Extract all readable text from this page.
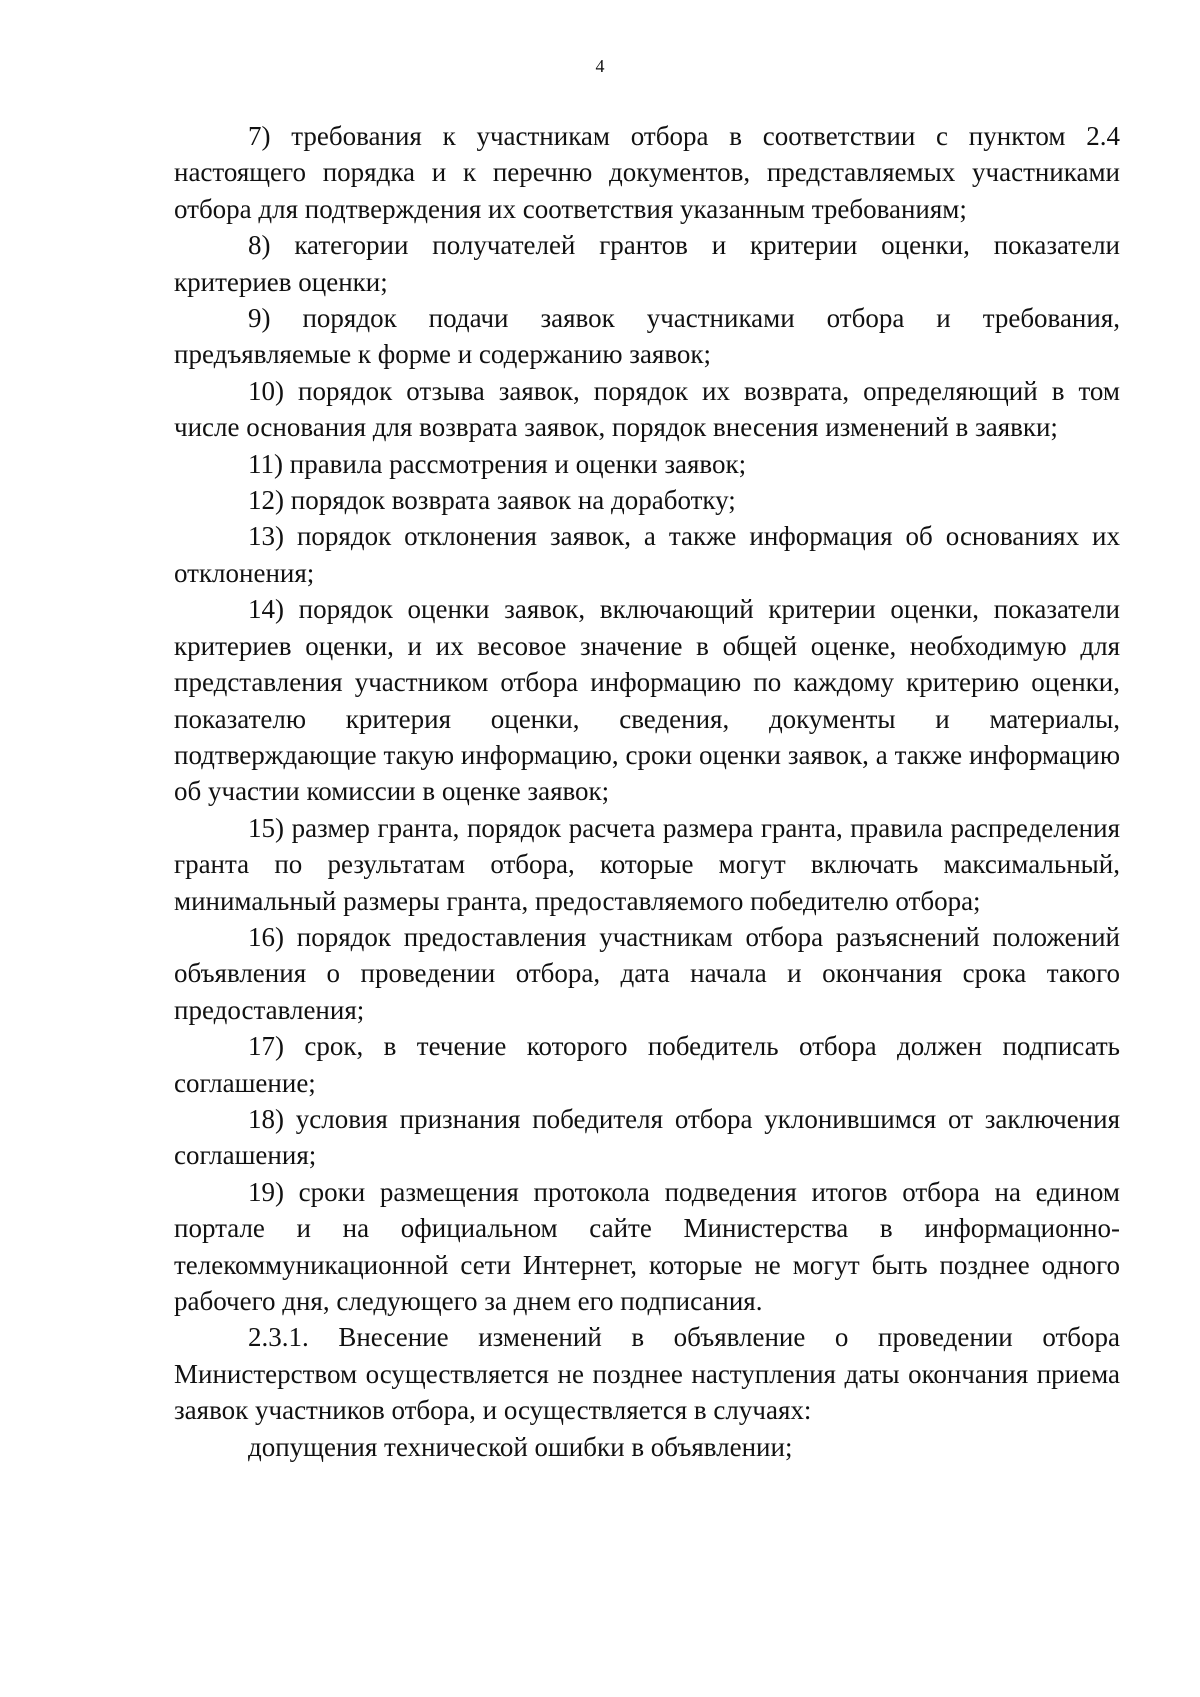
4

7) требования к участникам отбора в соответствии с пунктом 2.4 настоящего порядка и к перечню документов, представляемых участниками отбора для подтверждения их соответствия указанным требованиям;

8) категории получателей грантов и критерии оценки, показатели критериев оценки;

9) порядок подачи заявок участниками отбора и требования, предъявляемые к форме и содержанию заявок;

10) порядок отзыва заявок, порядок их возврата, определяющий в том числе основания для возврата заявок, порядок внесения изменений в заявки;

11) правила рассмотрения и оценки заявок;

12) порядок возврата заявок на доработку;

13) порядок отклонения заявок, а также информация об основаниях их отклонения;

14) порядок оценки заявок, включающий критерии оценки, показатели критериев оценки, и их весовое значение в общей оценке, необходимую для представления участником отбора информацию по каждому критерию оценки, показателю критерия оценки, сведения, документы и материалы, подтверждающие такую информацию, сроки оценки заявок, а также информацию об участии комиссии в оценке заявок;

15) размер гранта, порядок расчета размера гранта, правила распределения гранта по результатам отбора, которые могут включать максимальный, минимальный размеры гранта, предоставляемого победителю отбора;

16) порядок предоставления участникам отбора разъяснений положений объявления о проведении отбора, дата начала и окончания срока такого предоставления;

17) срок, в течение которого победитель отбора должен подписать соглашение;

18) условия признания победителя отбора уклонившимся от заключения соглашения;

19) сроки размещения протокола подведения итогов отбора на едином портале и на официальном сайте Министерства в информационно-телекоммуникационной сети Интернет, которые не могут быть позднее одного рабочего дня, следующего за днем его подписания.

2.3.1. Внесение изменений в объявление о проведении отбора Министерством осуществляется не позднее наступления даты окончания приема заявок участников отбора, и осуществляется в случаях:

допущения технической ошибки в объявлении;
